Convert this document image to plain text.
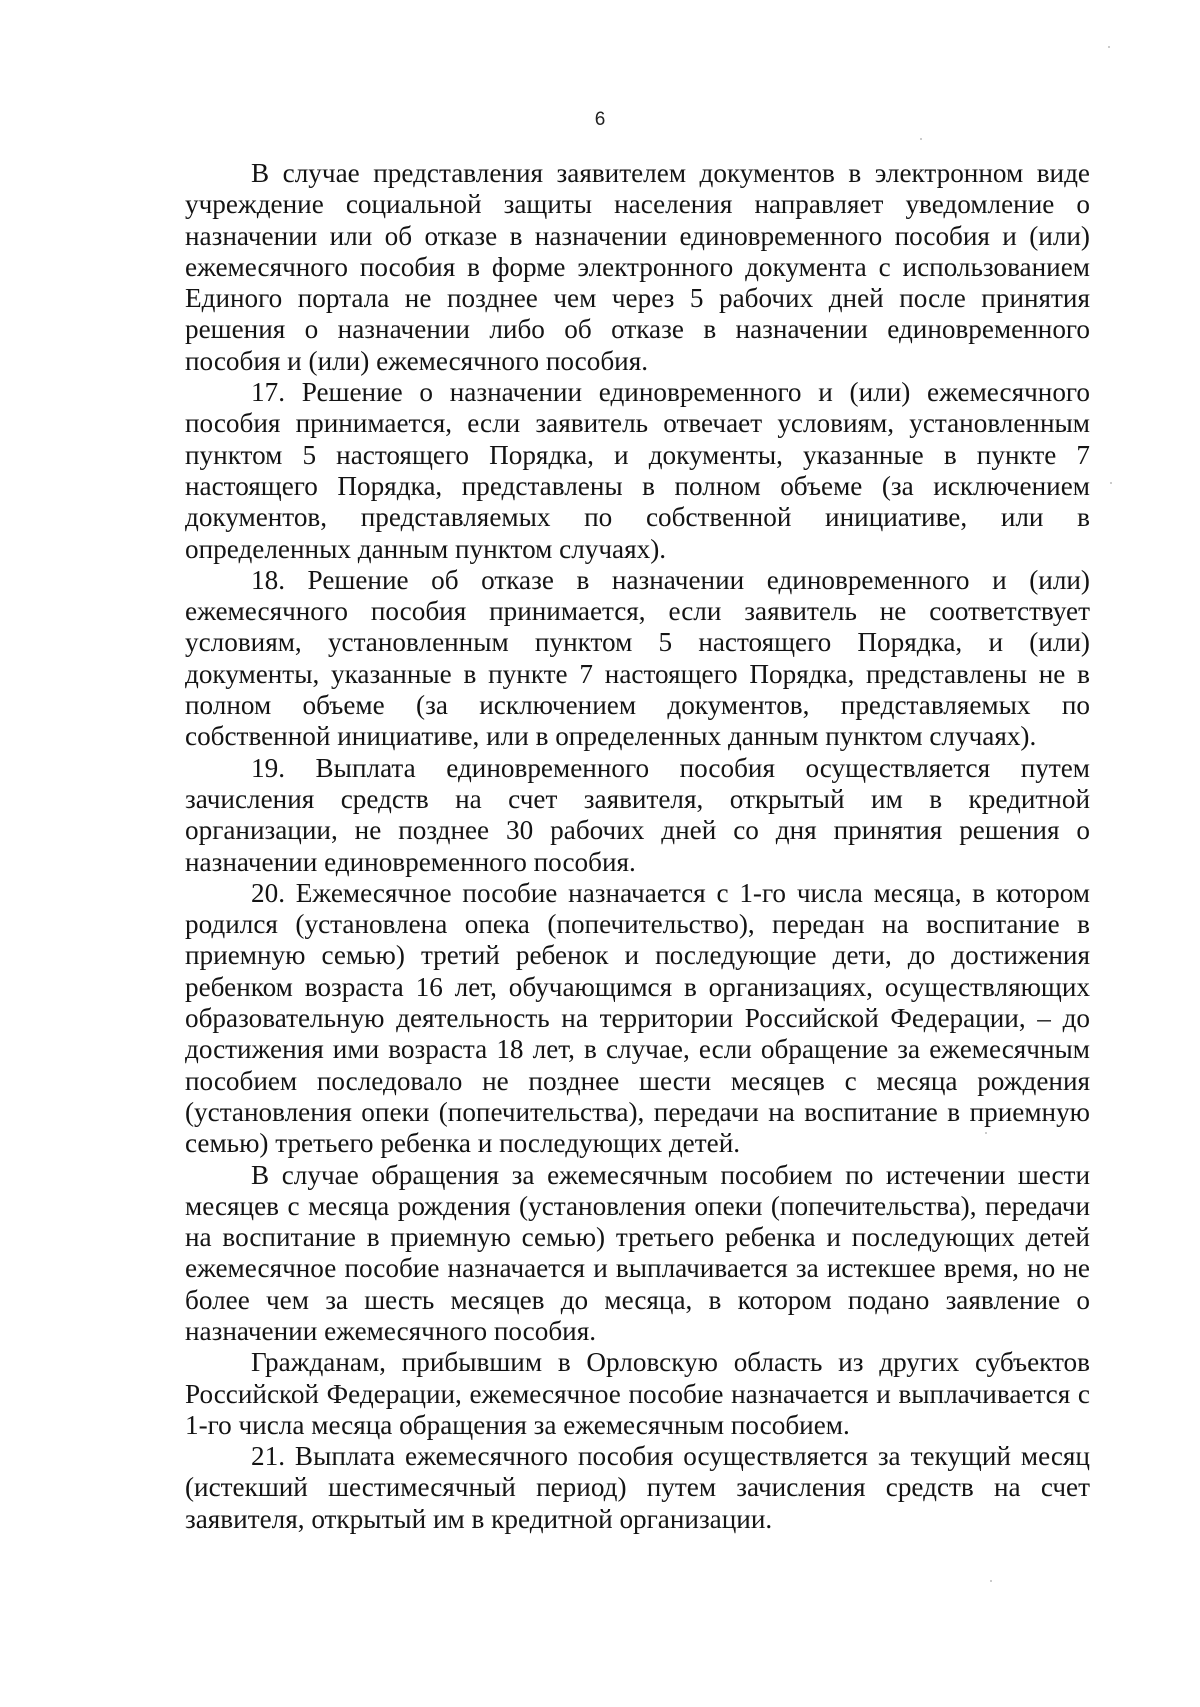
6

В случае представления заявителем документов в электронном виде учреждение социальной защиты населения направляет уведомление о назначении или об отказе в назначении единовременного пособия и (или) ежемесячного пособия в форме электронного документа с использованием Единого портала не позднее чем через 5 рабочих дней после принятия решения о назначении либо об отказе в назначении единовременного пособия и (или) ежемесячного пособия.

17. Решение о назначении единовременного и (или) ежемесячного пособия принимается, если заявитель отвечает условиям, установленным пунктом 5 настоящего Порядка, и документы, указанные в пункте 7 настоящего Порядка, представлены в полном объеме (за исключением документов, представляемых по собственной инициативе, или в определенных данным пунктом случаях).

18. Решение об отказе в назначении единовременного и (или) ежемесячного пособия принимается, если заявитель не соответствует условиям, установленным пунктом 5 настоящего Порядка, и (или) документы, указанные в пункте 7 настоящего Порядка, представлены не в полном объеме (за исключением документов, представляемых по собственной инициативе, или в определенных данным пунктом случаях).

19. Выплата единовременного пособия осуществляется путем зачисления средств на счет заявителя, открытый им в кредитной организации, не позднее 30 рабочих дней со дня принятия решения о назначении единовременного пособия.

20. Ежемесячное пособие назначается с 1-го числа месяца, в котором родился (установлена опека (попечительство), передан на воспитание в приемную семью) третий ребенок и последующие дети, до достижения ребенком возраста 16 лет, обучающимся в организациях, осуществляющих образовательную деятельность на территории Российской Федерации, – до достижения ими возраста 18 лет, в случае, если обращение за ежемесячным пособием последовало не позднее шести месяцев с месяца рождения (установления опеки (попечительства), передачи на воспитание в приемную семью) третьего ребенка и последующих детей.

В случае обращения за ежемесячным пособием по истечении шести месяцев с месяца рождения (установления опеки (попечительства), передачи на воспитание в приемную семью) третьего ребенка и последующих детей ежемесячное пособие назначается и выплачивается за истекшее время, но не более чем за шесть месяцев до месяца, в котором подано заявление о назначении ежемесячного пособия.

Гражданам, прибывшим в Орловскую область из других субъектов Российской Федерации, ежемесячное пособие назначается и выплачивается с 1-го числа месяца обращения за ежемесячным пособием.

21. Выплата ежемесячного пособия осуществляется за текущий месяц (истекший шестимесячный период) путем зачисления средств на счет заявителя, открытый им в кредитной организации.
